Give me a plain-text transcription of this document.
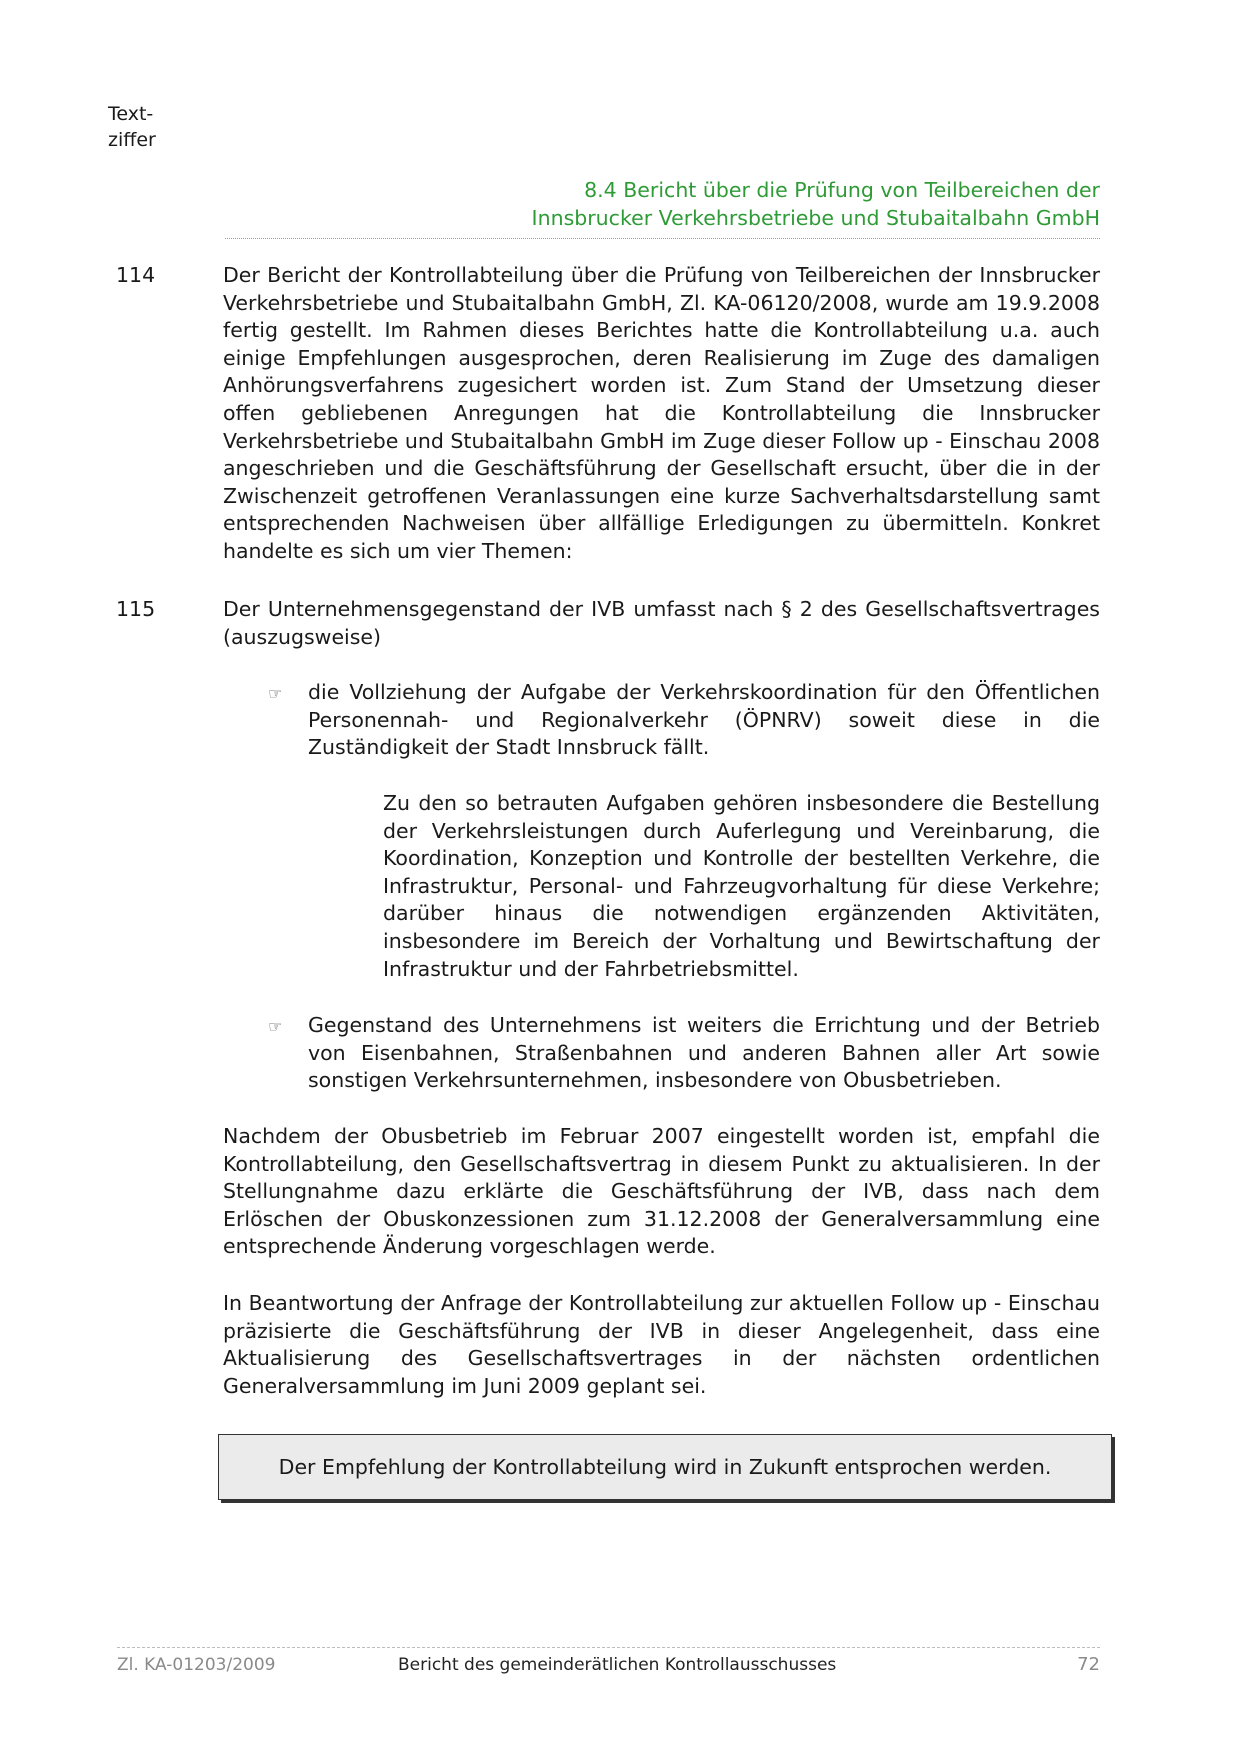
Text-
ziffer
8.4 Bericht über die Prüfung von Teilbereichen der
Innsbrucker Verkehrsbetriebe und Stubaitalbahn GmbH
114	Der Bericht der Kontrollabteilung über die Prüfung von Teilbereichen der Innsbrucker Verkehrsbetriebe und Stubaitalbahn GmbH, Zl. KA-06120/2008, wurde am 19.9.2008 fertig gestellt. Im Rahmen dieses Berichtes hatte die Kontrollabteilung u.a. auch einige Empfehlungen ausgesprochen, deren Realisierung im Zuge des damaligen Anhörungsverfahrens zugesichert worden ist. Zum Stand der Umsetzung dieser offen gebliebenen Anregungen hat die Kontrollabteilung die Innsbrucker Verkehrsbetriebe und Stubaitalbahn GmbH im Zuge dieser Follow up - Einschau 2008 angeschrieben und die Geschäftsführung der Gesellschaft ersucht, über die in der Zwischenzeit getroffenen Veranlassungen eine kurze Sachverhaltsdarstellung samt entsprechenden Nachweisen über allfällige Erledigungen zu übermitteln. Konkret handelte es sich um vier Themen:
115	Der Unternehmensgegenstand der IVB umfasst nach § 2 des Gesellschaftsvertrages (auszugsweise)
☞ die Vollziehung der Aufgabe der Verkehrskoordination für den Öffentlichen Personennah- und Regionalverkehr (ÖPNRV) soweit diese in die Zuständigkeit der Stadt Innsbruck fällt.
Zu den so betrauten Aufgaben gehören insbesondere die Bestellung der Verkehrsleistungen durch Auferlegung und Vereinbarung, die Koordination, Konzeption und Kontrolle der bestellten Verkehre, die Infrastruktur, Personal- und Fahrzeugvorhaltung für diese Verkehre; darüber hinaus die notwendigen ergänzenden Aktivitäten, insbesondere im Bereich der Vorhaltung und Bewirtschaftung der Infrastruktur und der Fahrbetriebsmittel.
☞ Gegenstand des Unternehmens ist weiters die Errichtung und der Betrieb von Eisenbahnen, Straßenbahnen und anderen Bahnen aller Art sowie sonstigen Verkehrsunternehmen, insbesondere von Obusbetrieben.
Nachdem der Obusbetrieb im Februar 2007 eingestellt worden ist, empfahl die Kontrollabteilung, den Gesellschaftsvertrag in diesem Punkt zu aktualisieren. In der Stellungnahme dazu erklärte die Geschäftsführung der IVB, dass nach dem Erlöschen der Obuskonzessionen zum 31.12.2008 der Generalversammlung eine entsprechende Änderung vorgeschlagen werde.
In Beantwortung der Anfrage der Kontrollabteilung zur aktuellen Follow up - Einschau präzisierte die Geschäftsführung der IVB in dieser Angelegenheit, dass eine Aktualisierung des Gesellschaftsvertrages in der nächsten ordentlichen Generalversammlung im Juni 2009 geplant sei.
Der Empfehlung der Kontrollabteilung wird in Zukunft entsprochen werden.
Zl. KA-01203/2009	Bericht des gemeinderätlichen Kontrollausschusses	72
